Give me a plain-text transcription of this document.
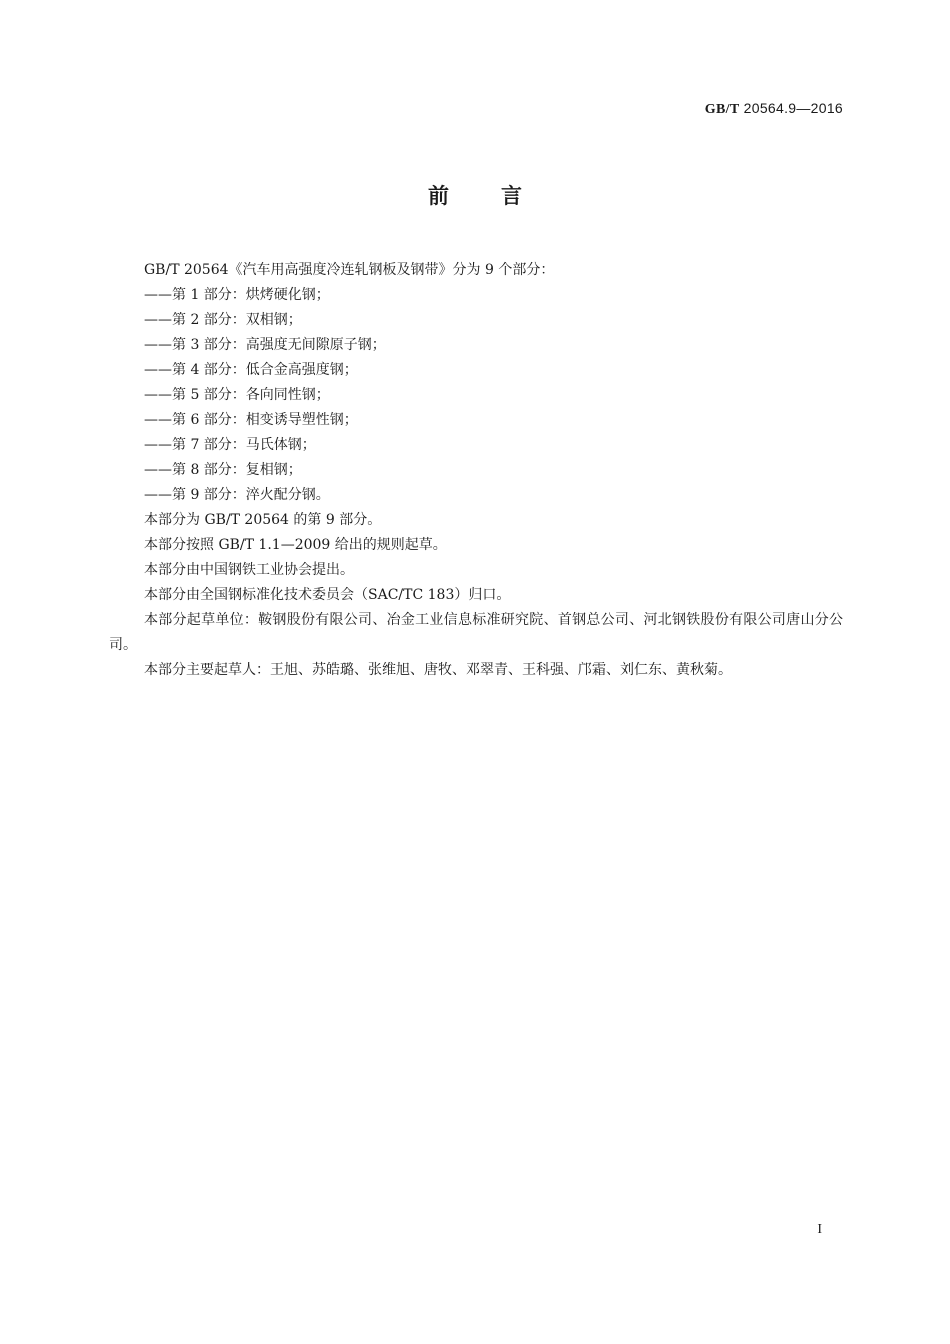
GB/T 20564.9—2016
前言

GB/T 20564《汽车用高强度冷连轧钢板及钢带》分为 9 个部分：

——第 1 部分：烘烤硬化钢；

——第 2 部分：双相钢；

——第 3 部分：高强度无间隙原子钢；

——第 4 部分：低合金高强度钢；

——第 5 部分：各向同性钢；

——第 6 部分：相变诱导塑性钢；

——第 7 部分：马氏体钢；

——第 8 部分：复相钢；

——第 9 部分：淬火配分钢。

本部分为 GB/T 20564 的第 9 部分。

本部分按照 GB/T 1.1—2009 给出的规则起草。

本部分由中国钢铁工业协会提出。

本部分由全国钢标准化技术委员会（SAC/TC 183）归口。

本部分起草单位：鞍钢股份有限公司、冶金工业信息标准研究院、首钢总公司、河北钢铁股份有限公司唐山分公司。

本部分主要起草人：王旭、苏皓璐、张维旭、唐牧、邓翠青、王科强、邝霜、刘仁东、黄秋菊。

I
